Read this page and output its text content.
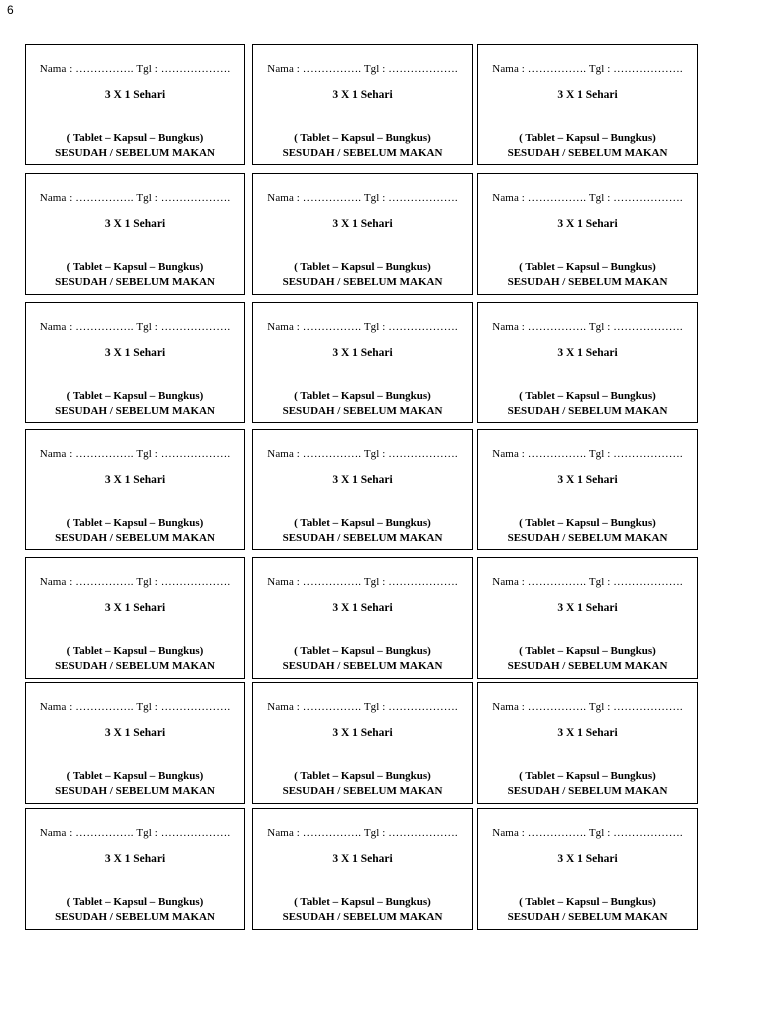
6
Nama : ……………. Tgl : ……………….
3 X 1 Sehari
( Tablet – Kapsul – Bungkus)
SESUDAH / SEBELUM MAKAN
Nama : ……………. Tgl : ……………….
3 X 1 Sehari
( Tablet – Kapsul – Bungkus)
SESUDAH / SEBELUM MAKAN
Nama : ……………. Tgl : ……………….
3 X 1 Sehari
( Tablet – Kapsul – Bungkus)
SESUDAH / SEBELUM MAKAN
Nama : ……………. Tgl : ……………….
3 X 1 Sehari
( Tablet – Kapsul – Bungkus)
SESUDAH / SEBELUM MAKAN
Nama : ……………. Tgl : ……………….
3 X 1 Sehari
( Tablet – Kapsul – Bungkus)
SESUDAH / SEBELUM MAKAN
Nama : ……………. Tgl : ……………….
3 X 1 Sehari
( Tablet – Kapsul – Bungkus)
SESUDAH / SEBELUM MAKAN
Nama : ……………. Tgl : ……………….
3 X 1 Sehari
( Tablet – Kapsul – Bungkus)
SESUDAH / SEBELUM MAKAN
Nama : ……………. Tgl : ……………….
3 X 1 Sehari
( Tablet – Kapsul – Bungkus)
SESUDAH / SEBELUM MAKAN
Nama : ……………. Tgl : ……………….
3 X 1 Sehari
( Tablet – Kapsul – Bungkus)
SESUDAH / SEBELUM MAKAN
Nama : ……………. Tgl : ……………….
3 X 1 Sehari
( Tablet – Kapsul – Bungkus)
SESUDAH / SEBELUM MAKAN
Nama : ……………. Tgl : ……………….
3 X 1 Sehari
( Tablet – Kapsul – Bungkus)
SESUDAH / SEBELUM MAKAN
Nama : ……………. Tgl : ……………….
3 X 1 Sehari
( Tablet – Kapsul – Bungkus)
SESUDAH / SEBELUM MAKAN
Nama : ……………. Tgl : ……………….
3 X 1 Sehari
( Tablet – Kapsul – Bungkus)
SESUDAH / SEBELUM MAKAN
Nama : ……………. Tgl : ……………….
3 X 1 Sehari
( Tablet – Kapsul – Bungkus)
SESUDAH / SEBELUM MAKAN
Nama : ……………. Tgl : ……………….
3 X 1 Sehari
( Tablet – Kapsul – Bungkus)
SESUDAH / SEBELUM MAKAN
Nama : ……………. Tgl : ……………….
3 X 1 Sehari
( Tablet – Kapsul – Bungkus)
SESUDAH / SEBELUM MAKAN
Nama : ……………. Tgl : ……………….
3 X 1 Sehari
( Tablet – Kapsul – Bungkus)
SESUDAH / SEBELUM MAKAN
Nama : ……………. Tgl : ……………….
3 X 1 Sehari
( Tablet – Kapsul – Bungkus)
SESUDAH / SEBELUM MAKAN
Nama : ……………. Tgl : ……………….
3 X 1 Sehari
( Tablet – Kapsul – Bungkus)
SESUDAH / SEBELUM MAKAN
Nama : ……………. Tgl : ……………….
3 X 1 Sehari
( Tablet – Kapsul – Bungkus)
SESUDAH / SEBELUM MAKAN
Nama : ……………. Tgl : ……………….
3 X 1 Sehari
( Tablet – Kapsul – Bungkus)
SESUDAH / SEBELUM MAKAN
